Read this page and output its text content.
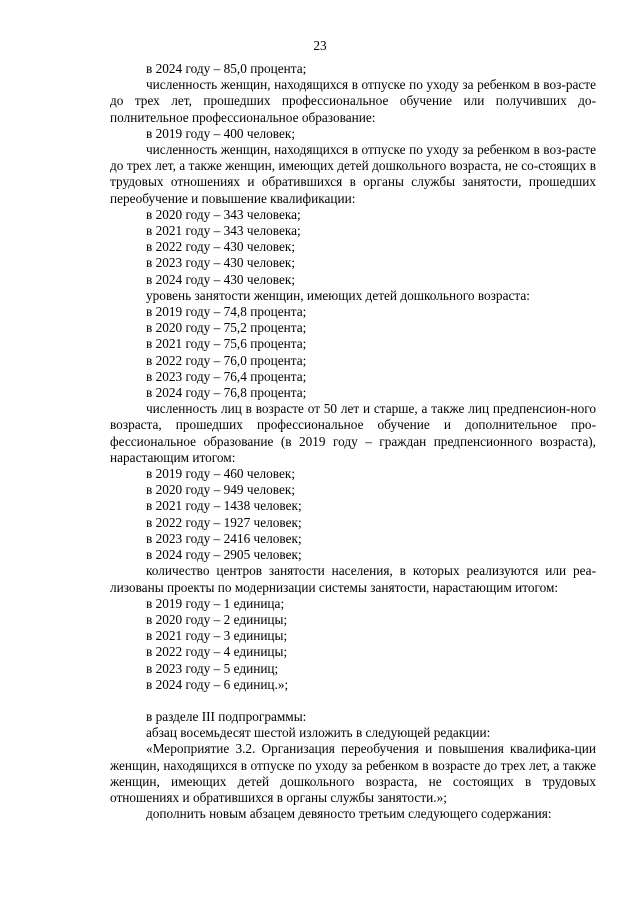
23

в 2024 году – 85,0 процента;

численность женщин, находящихся в отпуске по уходу за ребенком в воз-расте до трех лет, прошедших профессиональное обучение или получивших до-полнительное профессиональное образование:

в 2019 году – 400 человек;

численность женщин, находящихся в отпуске по уходу за ребенком в воз-расте до трех лет, а также женщин, имеющих детей дошкольного возраста, не со-стоящих в трудовых отношениях и обратившихся в органы службы занятости, прошедших переобучение и повышение квалификации:

в 2020 году – 343 человека;

в 2021 году – 343 человека;

в 2022 году – 430 человек;

в 2023 году – 430 человек;

в 2024 году – 430 человек;

уровень занятости женщин, имеющих детей дошкольного возраста:

в 2019 году – 74,8 процента;

в 2020 году – 75,2 процента;

в 2021 году – 75,6 процента;

в 2022 году – 76,0 процента;

в 2023 году – 76,4 процента;

в 2024 году – 76,8 процента;

численность лиц в возрасте от 50 лет и старше, а также лиц предпенсион-ного возраста, прошедших профессиональное обучение и дополнительное про-фессиональное образование (в 2019 году – граждан предпенсионного возраста), нарастающим итогом:

в 2019 году – 460 человек;

в 2020 году – 949 человек;

в 2021 году – 1438 человек;

в 2022 году – 1927 человек;

в 2023 году – 2416 человек;

в 2024 году – 2905 человек;

количество центров занятости населения, в которых реализуются или реа-лизованы проекты по модернизации системы занятости, нарастающим итогом:

в 2019 году – 1 единица;

в 2020 году – 2 единицы;

в 2021 году – 3 единицы;

в 2022 году – 4 единицы;

в 2023 году – 5 единиц;

в 2024 году – 6 единиц.»;

в разделе III подпрограммы:

абзац восемьдесят шестой изложить в следующей редакции:

«Мероприятие 3.2. Организация переобучения и повышения квалифика-ции женщин, находящихся в отпуске по уходу за ребенком в возрасте до трех лет, а также женщин, имеющих детей дошкольного возраста, не состоящих в трудовых отношениях и обратившихся в органы службы занятости.»;

дополнить новым абзацем девяносто третьим следующего содержания:
